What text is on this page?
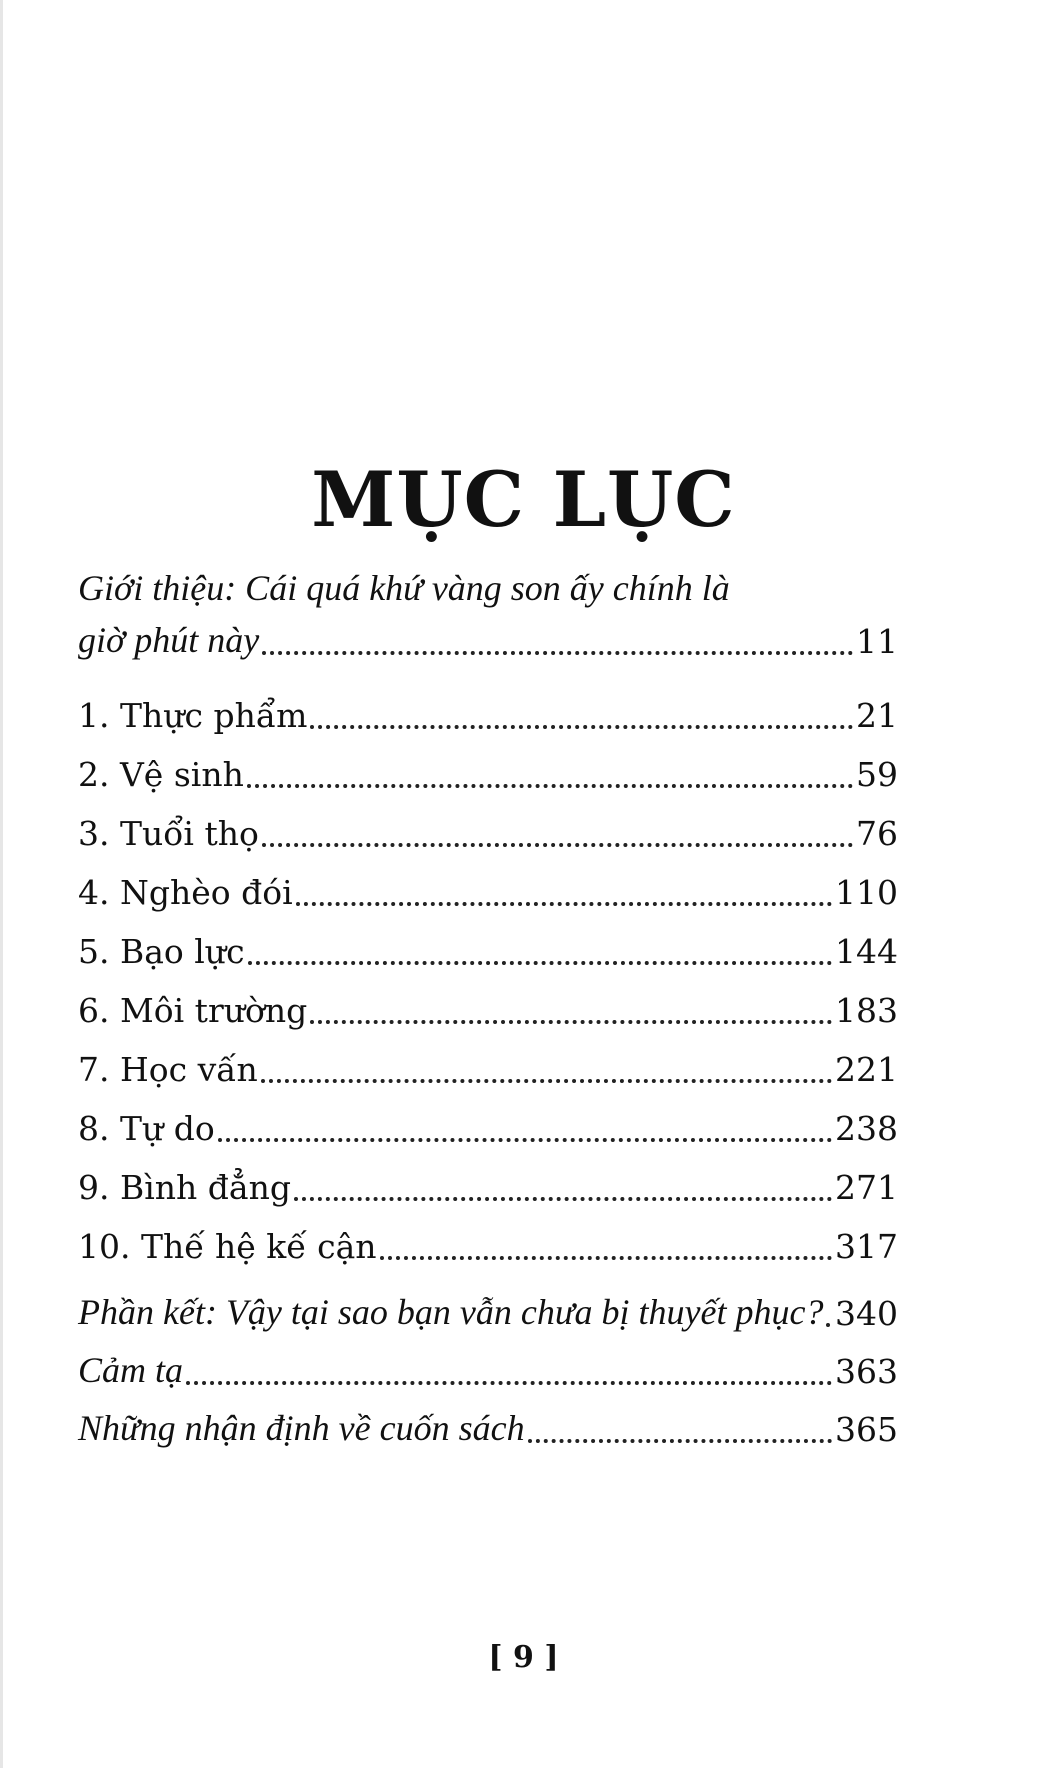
MỤC LỤC
Giới thiệu: Cái quá khứ vàng son ấy chính là
giờ phút này	11
1. Thực phẩm	21
2. Vệ sinh	59
3. Tuổi thọ	76
4. Nghèo đói	110
5. Bạo lực	144
6. Môi trường	183
7. Học vấn	221
8. Tự do	238
9. Bình đẳng	271
10. Thế hệ kế cận	317
Phần kết: Vậy tại sao bạn vẫn chưa bị thuyết phục? 340
Cảm tạ	363
Những nhận định về cuốn sách	365
[ 9 ]
